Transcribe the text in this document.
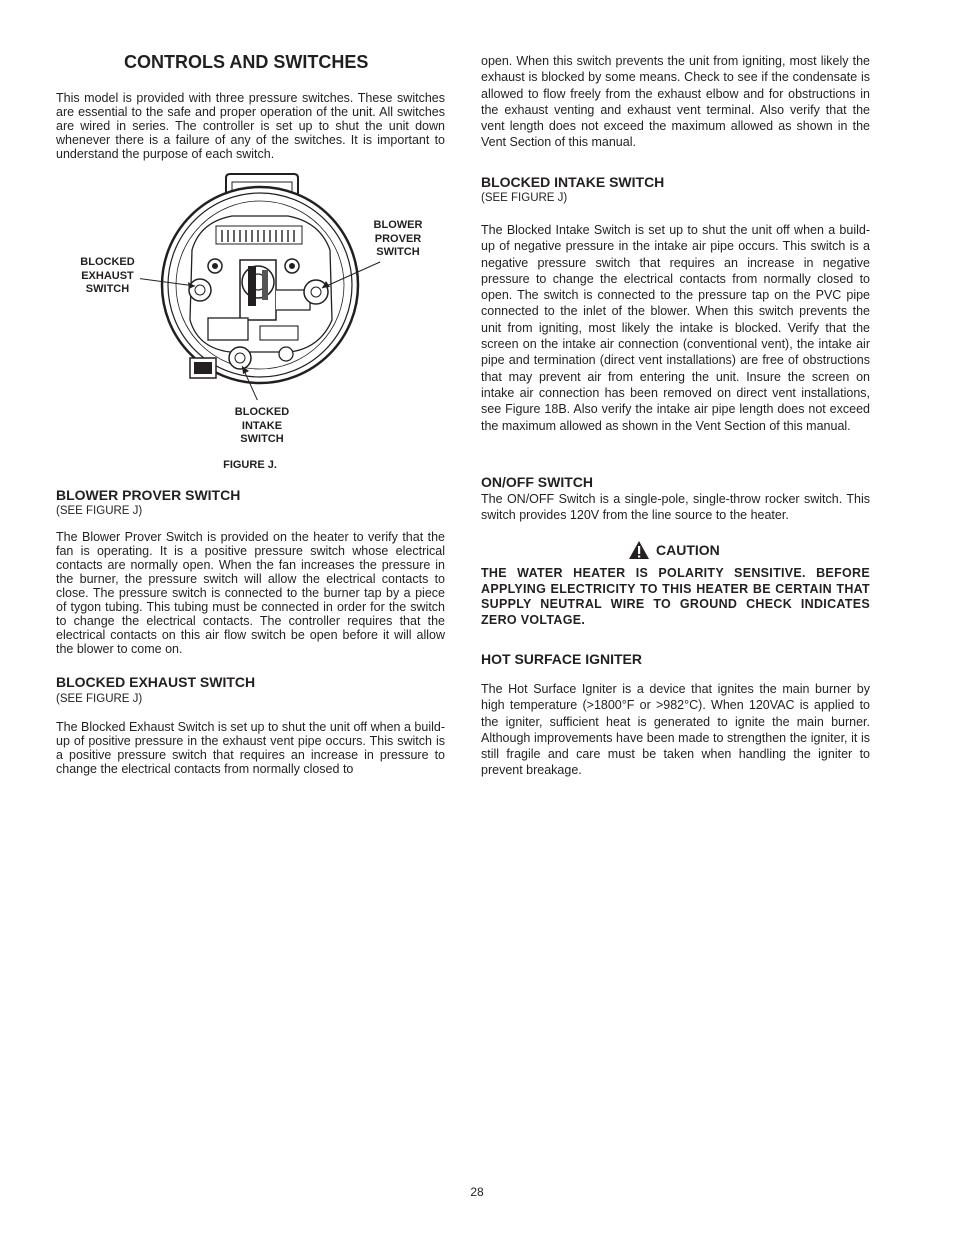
CONTROLS AND SWITCHES

This model is provided with three pressure switches. These switches are essential to the safe and proper operation of the unit. All switches are wired in series. The controller is set up to shut the unit down whenever there is a failure of any of the switches. It is important to understand the purpose of each switch.

BLOWER
PROVER
SWITCH
BLOCKED
EXHAUST
SWITCH
BLOCKED
INTAKE
SWITCH
FIGURE J.
BLOWER PROVER SWITCH

(SEE FIGURE J)

The Blower Prover Switch is provided on the heater to verify that the fan is operating. It is a positive pressure switch whose electrical contacts are normally open. When the fan increases the pressure in the burner, the pressure switch will allow the electrical contacts to close. The pressure switch is connected to the burner tap by a piece of tygon tubing. This tubing must be connected in order for the switch to change the electrical contacts. The controller requires that the electrical contacts on this air flow switch be open before it will allow the blower to come on.

BLOCKED EXHAUST SWITCH

(SEE FIGURE J)

The Blocked Exhaust Switch is set up to shut the unit off when a build-up of positive pressure in the exhaust vent pipe occurs. This switch is a positive pressure switch that requires an increase in pressure to change the electrical contacts from normally closed to

open. When this switch prevents the unit from igniting, most likely the exhaust is blocked by some means. Check to see if the condensate is allowed to flow freely from the exhaust elbow and for obstructions in the exhaust venting and exhaust vent terminal. Also verify that the vent length does not exceed the maximum allowed as shown in the Vent Section of this manual.

BLOCKED INTAKE SWITCH

(SEE FIGURE J)

The Blocked Intake Switch is set up to shut the unit off when a build-up of negative pressure in the intake air pipe occurs. This switch is a negative pressure switch that requires an increase in negative pressure to change the electrical contacts from normally closed to open. The switch is connected to the pressure tap on the PVC pipe connected to the inlet of the blower. When this switch prevents the unit from igniting, most likely the intake is blocked. Verify that the screen on the intake air connection (conventional vent), the intake air pipe and termination (direct vent installations) are free of obstructions that may prevent air from entering the unit. Insure the screen on intake air connection has been removed on direct vent installations, see Figure 18B. Also verify the intake air pipe length does not exceed the maximum allowed as shown in the Vent Section of this manual.

ON/OFF SWITCH

The ON/OFF Switch is a single-pole, single-throw rocker switch. This switch provides 120V from the line source to the heater.

CAUTION

THE WATER HEATER IS POLARITY SENSITIVE. BEFORE APPLYING ELECTRICITY TO THIS HEATER BE CERTAIN THAT SUPPLY NEUTRAL WIRE TO GROUND CHECK INDICATES ZERO VOLTAGE.

HOT SURFACE IGNITER

The Hot Surface Igniter is a device that ignites the main burner by high temperature (>1800°F or >982°C). When 120VAC is applied to the igniter, sufficient heat is generated to ignite the main burner. Although improvements have been made to strengthen the igniter, it is still fragile and care must be taken when handling the igniter to prevent breakage.

28
